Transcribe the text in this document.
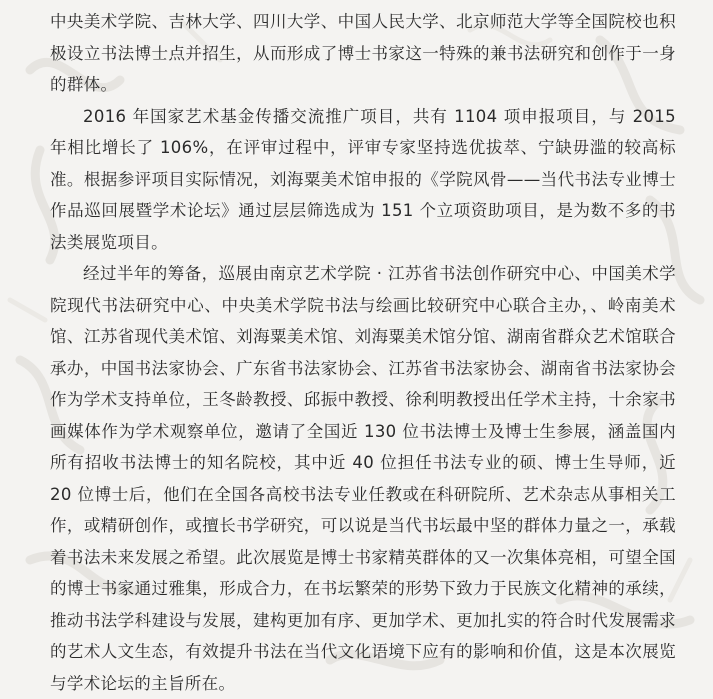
中央美术学院、吉林大学、四川大学、中国人民大学、北京师范大学等全国院校也积极设立书法博士点并招生，从而形成了博士书家这一特殊的兼书法研究和创作于一身的群体。

2016 年国家艺术基金传播交流推广项目，共有 1104 项申报项目，与 2015 年相比增长了 106%，在评审过程中，评审专家坚持选优拔萃、宁缺毋滥的较高标准。根据参评项目实际情况，刘海粟美术馆申报的《学院风骨——当代书法专业博士作品巡回展暨学术论坛》通过层层筛选成为 151 个立项资助项目，是为数不多的书法类展览项目。

经过半年的筹备，巡展由南京艺术学院 · 江苏省书法创作研究中心、中国美术学院现代书法研究中心、中央美术学院书法与绘画比较研究中心联合主办，、岭南美术馆、江苏省现代美术馆、刘海粟美术馆、刘海粟美术馆分馆、湖南省群众艺术馆联合承办，中国书法家协会、广东省书法家协会、江苏省书法家协会、湖南省书法家协会作为学术支持单位，王冬龄教授、邱振中教授、徐利明教授出任学术主持，十余家书画媒体作为学术观察单位，邀请了全国近 130 位书法博士及博士生参展，涵盖国内所有招收书法博士的知名院校，其中近 40 位担任书法专业的硕、博士生导师，近 20 位博士后，他们在全国各高校书法专业任教或在科研院所、艺术杂志从事相关工作，或精研创作，或擅长书学研究，可以说是当代书坛最中坚的群体力量之一，承载着书法未来发展之希望。此次展览是博士书家精英群体的又一次集体亮相，可望全国的博士书家通过雅集，形成合力，在书坛繁荣的形势下致力于民族文化精神的承续，推动书法学科建设与发展，建构更加有序、更加学术、更加扎实的符合时代发展需求的艺术人文生态，有效提升书法在当代文化语境下应有的影响和价值，这是本次展览与学术论坛的主旨所在。
